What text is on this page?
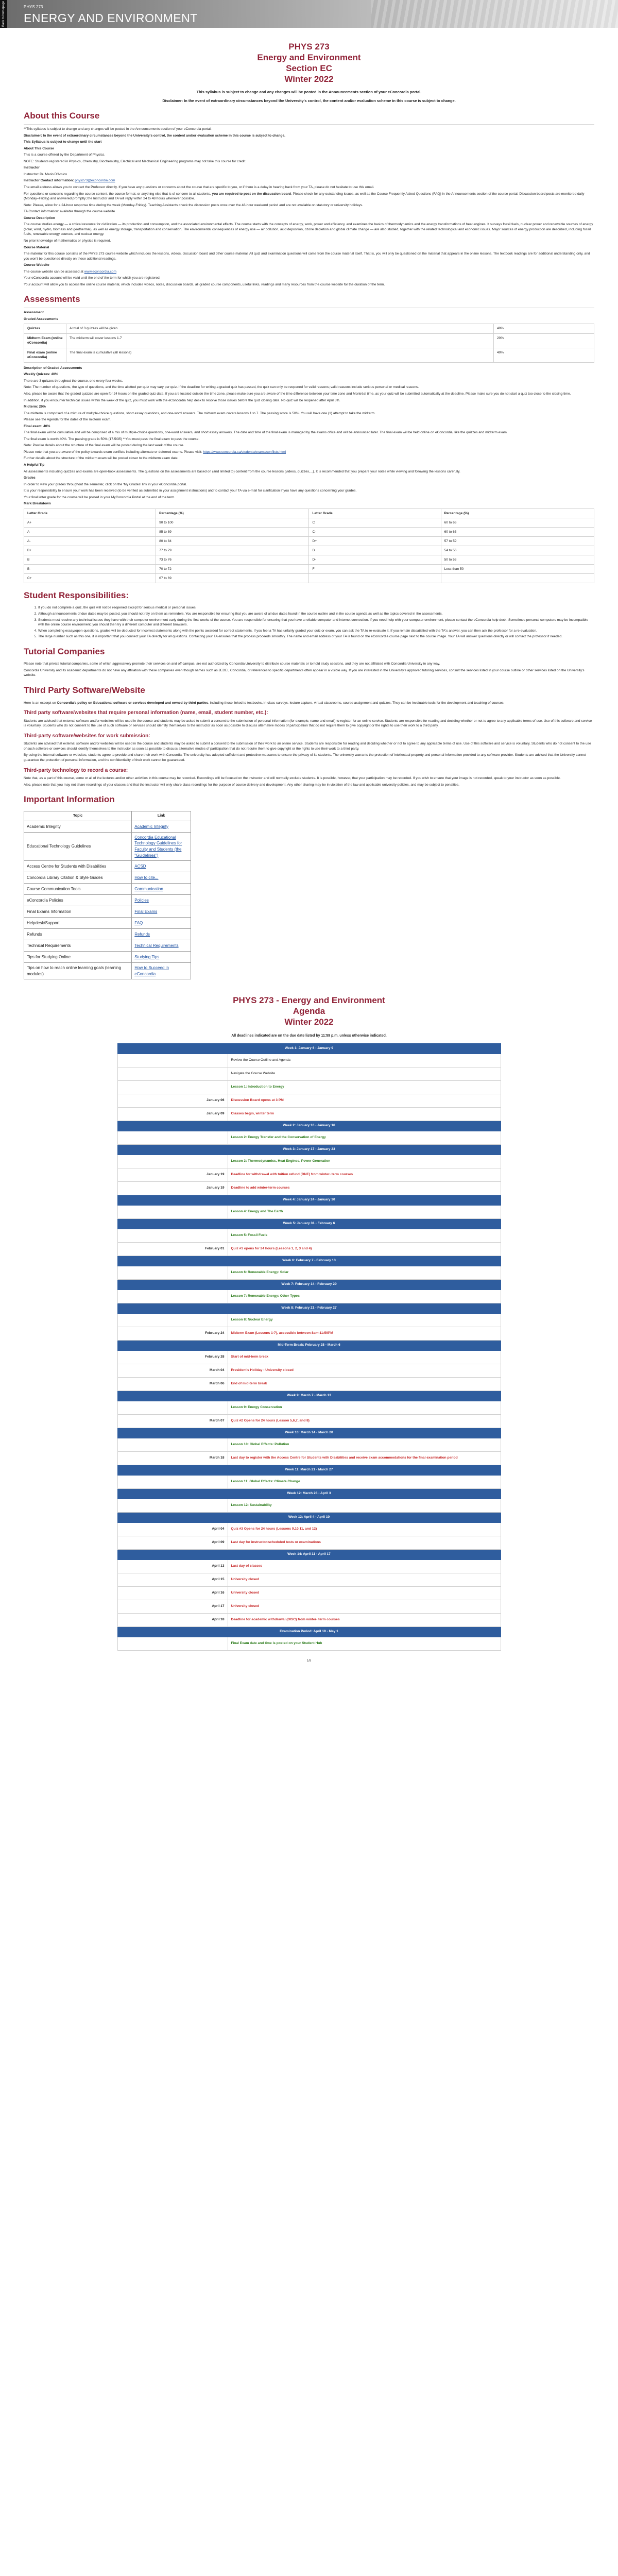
Back to homepage	PHYS 273
ENERGY AND ENVIRONMENT
PHYS 273
Energy and Environment
Section EC
Winter 2022
This syllabus is subject to change and any changes will be posted in the Announcements section of your eConcordia portal.
Disclaimer: In the event of extraordinary circumstances beyond the University's control, the content and/or evaluation scheme in this course is subject to change.
About this Course

**This syllabus is subject to change and any changes will be posted in the Announcements section of your eConcordia portal.

Disclaimer: In the event of extraordinary circumstances beyond the University's control, the content and/or evaluation scheme in this course is subject to change.

This Syllabus is subject to change until the start

About This Course

This is a course offered by the Department of Physics.

NOTE: Students registered in Physics, Chemistry, Biochemistry, Electrical and Mechanical Engineering programs may not take this course for credit.

Instructor

Instructor: Dr. Mario D'Amico

Instructor Contact information: phys273@econcordia.com

The email address allows you to contact the Professor directly. If you have any questions or concerns about the course that are specific to you, or if there is a delay in hearing back from your TA, please do not hesitate to use this email.

For questions or concerns regarding the course content, the course format, or anything else that is of concern to all students, you are required to post on the discussion board. Please check for any outstanding issues, as well as the Course Frequently Asked Questions (FAQ) in the Announcements section of the course portal. Discussion board posts are monitored daily (Monday–Friday) and answered promptly; the Instructor and TA will reply within 24 to 48 hours whenever possible.

Note: Please, allow for a 24-hour response time during the week (Monday-Friday). Teaching Assistants check the discussion posts once over the 48-hour weekend period and are not available on statutory or university holidays.

TA Contact information: available through the course website

Course Description

The course studies energy — a critical resource for civilization — its production and consumption, and the associated environmental effects. The course starts with the concepts of energy, work, power and efficiency, and examines the basics of thermodynamics and the energy transformations of heat engines. It surveys fossil fuels, nuclear power and renewable sources of energy (solar, wind, hydro, biomass and geothermal), as well as energy storage, transportation and conservation. The environmental consequences of energy use — air pollution, acid deposition, ozone depletion and global climate change — are also studied, together with the related technological and economic issues. Major sources of energy production are described, including fossil fuels, renewable energy sources, and nuclear energy.

No prior knowledge of mathematics or physics is required.

Course Material

The material for this course consists of the PHYS 273 course website which includes the lessons, videos, discussion board and other course material. All quiz and examination questions will come from the course material itself. That is, you will only be questioned on the material that appears in the online lessons. The textbook readings are for additional understanding only, and you won't be questioned directly on these additional readings.

Course Website

The course website can be accessed at www.econcordia.com

Your eConcordia account will be valid until the end of the term for which you are registered.

Your account will allow you to access the online course material, which includes videos, notes, discussion boards, all graded course components, useful links, readings and many resources from the course website for the duration of the term.

Assessments

Assessment

Graded Assessments

Quizzes	A total of 3 quizzes will be given	40%
Midterm Exam (online eConcordia)	The midterm will cover lessons 1-7	20%
Final exam (online eConcordia)	The final exam is cumulative (all lessons)	40%

Description of Graded Assessments

Weekly Quizzes: 40%

There are 3 quizzes throughout the course, one every four weeks.

Note: The number of questions, the type of questions, and the time allotted per quiz may vary per quiz. If the deadline for writing a graded quiz has passed, the quiz can only be reopened for valid reasons; valid reasons include serious personal or medical reasons.

Also, please be aware that the graded quizzes are open for 24 hours on the graded quiz date. If you are located outside the time zone, please make sure you are aware of the time difference between your time zone and Montréal time, as your quiz will be submitted automatically at the deadline. Please make sure you do not start a quiz too close to the closing time.

In addition, if you encounter technical issues within the week of the quiz, you must work with the eConcordia help desk to resolve those issues before the quiz closing date. No quiz will be reopened after April 5th.

Midterm: 20%

The midterm is comprised of a mixture of multiple-choice questions, short essay questions, and one-word answers. The midterm exam covers lessons 1 to 7. The passing score is 50%. You will have one (1) attempt to take the midterm.

Please see the Agenda for the dates of the midterm exam.

Final exam: 40%

The final exam will be cumulative and will be comprised of a mix of multiple-choice questions, one-word answers, and short essay answers. The date and time of the final exam is managed by the exams office and will be announced later. The final exam will be held online on eConcordia, like the quizzes and midterm exam.

The final exam is worth 40%. The passing grade is 50% (17.5/35) **You must pass the final exam to pass the course.

Note: Precise details about the structure of the final exam will be posted during the last week of the course.

Please note that you are aware of the policy towards exam conflicts including alternate or deferred exams. Please visit: https://www.concordia.ca/students/exams/conflicts.html

Further details about the structure of the midterm exam will be posted closer to the midterm exam date.

A Helpful Tip

All assessments including quizzes and exams are open-book assessments. The questions on the assessments are based on (and limited to) content from the course lessons (videos, quizzes,...). It is recommended that you prepare your notes while viewing and following the lessons carefully.

Grades

In order to view your grades throughout the semester, click on the 'My Grades' link in your eConcordia portal.

It is your responsibility to ensure your work has been received (to be verified as submitted in your assignment instructions) and to contact your TA via e-mail for clarification if you have any questions concerning your grades.

Your final letter grade for the course will be posted in your MyConcordia Portal at the end of the term.

Mark Breakdown

Letter Grade	Percentage (%)	Letter Grade	Percentage (%)
A+	90 to 100	C	60 to 66
A	85 to 89	C-	60 to 63
A-	80 to 84	D+	57 to 59
B+	77 to 79	D	54 to 56
B	73 to 76	D-	50 to 53
B-	70 to 72	F	Less than 50
C+	67 to 69		
Student Responsibilities:
1. If you do not complete a quiz, the quiz will not be reopened except for serious medical or personal issues.
2. Although announcements of due dates may be posted, you should not rely on them as reminders. You are responsible for ensuring that you are aware of all due dates found in the course outline and in the course agenda as well as the topics covered in the assessments.
3. Students must resolve any technical issues they have with their computer environment early during the first weeks of the course. You are responsible for ensuring that you have a reliable computer and internet connection. If you need help with your computer environment, please contact the eConcordia help desk. Sometimes personal computers may be incompatible with the online course environment; you should then try a different computer and different browsers.
4. When completing essay/open questions, grades will be deducted for incorrect statements along with the points awarded for correct statements. If you feel a TA has unfairly graded your quiz or exam, you can ask the TA to re-evaluate it. If you remain dissatisfied with the TA's answer, you can then ask the professor for a re-evaluation.
5. The large number such as this one, it is important that you connect your TA directly for all questions. Contacting your TA ensures that the process proceeds smoothly. The name and email address of your TA is found on the eConcordia course page next to the course image. Your TA will answer questions directly or will contact the professor if needed.
Tutorial Companies

Please note that private tutorial companies, some of which aggressively promote their services on and off campus, are not authorized by Concordia University to distribute course materials or to hold study sessions, and they are not affiliated with Concordia University in any way.

Concordia University and its academic departments do not have any affiliation with these companies even though names such as JEDEI, Concordia, or references to specific departments often appear in a visible way. If you are interested in the University's approved tutoring services, consult the services listed in your course outline or other services listed on the University's website.

Third Party Software/Website

Here is an excerpt on Concordia's policy on Educational software or services developed and owned by third parties, including those linked to textbooks, in-class surveys, lecture capture, virtual classrooms, course assignment and quizzes. They can be invaluable tools for the development and teaching of courses.

Third party software/websites that require personal information (name, email, student number, etc.):

Students are advised that external software and/or websites will be used in the course and students may be asked to submit a consent to the submission of personal information (for example, name and email) to register for an online service. Students are responsible for reading and deciding whether or not to agree to any applicable terms of use. Use of this software and service is voluntary. Students who do not consent to the use of such software or services should identify themselves to the instructor as soon as possible to discuss alternative modes of participation that do not require them to give copyright or the rights to use their work to a third party.

Third-party software/websites for work submission:

Students are advised that external software and/or websites will be used in the course and students may be asked to submit a consent to the submission of their work to an online service. Students are responsible for reading and deciding whether or not to agree to any applicable terms of use. Use of this software and service is voluntary. Students who do not consent to the use of such software or services should identify themselves to the instructor as soon as possible to discuss alternative modes of participation that do not require them to give copyright or the rights to use their work to a third party.

By using the internal software or websites, students agree to provide and share their work with Concordia. The university has adopted sufficient and protective measures to ensure the privacy of its students. The university warrants the protection of intellectual property and personal information provided to any software provider. Students are advised that the University cannot guarantee the protection of personal information, and the confidentiality of their work cannot be guaranteed.

Third-party technology to record a course:

Note that, as a part of this course, some or all of the lectures and/or other activities in this course may be recorded. Recordings will be focused on the instructor and will normally exclude students. It is possible, however, that your participation may be recorded. If you wish to ensure that your image is not recorded, speak to your instructor as soon as possible.

Also, please note that you may not share recordings of your classes and that the instructor will only share class recordings for the purpose of course delivery and development. Any other sharing may be in violation of the law and applicable university policies, and may be subject to penalties.

Important Information
Topic	Link
Academic Integrity	Academic Integrity
Educational Technology Guidelines	Concordia Educational Technology Guidelines for Faculty and Students (the "Guidelines")
Access Centre for Students with Disabilities	ACSD
Concordia Library Citation & Style Guides	How to cite...
Course Communication Tools	Communication
eConcordia Policies	Policies
Final Exams Information	Final Exams
Helpdesk/Support	FAQ
Refunds	Refunds
Technical Requirements	Technical Requirements
Tips for Studying Online	Studying Tips
Tips on how to reach online learning goals (learning modules)	How to Succeed in eConcordia
PHYS 273 - Energy and Environment
Agenda
Winter 2022
All deadlines indicated are on the due date listed by 11:59 p.m. unless otherwise indicated.
Week 1: January 6 - January 9	
	Review the Course Outline and Agenda
	Navigate the Course Website
	Lesson 1: Introduction to Energy
January 06	Discussion Board opens at 3 PM
January 09	Classes begin, winter term
Week 2: January 10 - January 16	
	Lesson 2: Energy Transfer and the Conservation of Energy
Week 3: January 17 - January 23	
	Lesson 3: Thermodynamics, Heat Engines, Power Generation
January 19	Deadline for withdrawal with tuition refund (DNE) from winter- term courses
January 19	Deadline to add winter-term courses
Week 4: January 24 - January 30	
	Lesson 4: Energy and The Earth
Week 5: January 31 - February 6	
	Lesson 5: Fossil Fuels
February 01	Quiz #1 opens for 24 hours (Lessons 1, 2, 3 and 4)
Week 6: February 7 - February 13	
	Lesson 6: Renewable Energy: Solar
Week 7: February 14 - February 20	
	Lesson 7: Renewable Energy: Other Types
Week 8: February 21 - February 27	
	Lesson 8: Nuclear Energy
February 24	Midterm Exam (Lessons 1-7), accessible between 8am-11:59PM
Mid-Term Break: February 28 - March 6	
February 28	Start of mid-term break
March 04	President's Holiday - University closed
March 06	End of mid-term break
Week 9: March 7 - March 13	
	Lesson 9: Energy Conservation
March 07	Quiz #2 Opens for 24 hours (Lesson 5,6,7, and 8)
Week 10: March 14 - March 20	
	Lesson 10: Global Effects: Pollution
March 18	Last day to register with the Access Centre for Students with Disabilities and receive exam accommodations for the final examination period
Week 11: March 21 - March 27	
	Lesson 11: Global Effects: Climate Change
Week 12: March 28 - April 3	
	Lesson 12: Sustainability
Week 13: April 4 - April 10	
April 04	Quiz #3 Opens for 24 hours (Lessons 9,10,11, and 12)
April 09	Last day for instructor-scheduled tests or examinations
Week 14: April 11 - April 17	
April 13	Last day of classes
April 15	University closed
April 16	University closed
April 17	University closed
April 18	Deadline for academic withdrawal (DISC) from winter- term courses
Examination Period: April 19 - May 1	
	Final Exam date and time is posted on your Student Hub
1/8
